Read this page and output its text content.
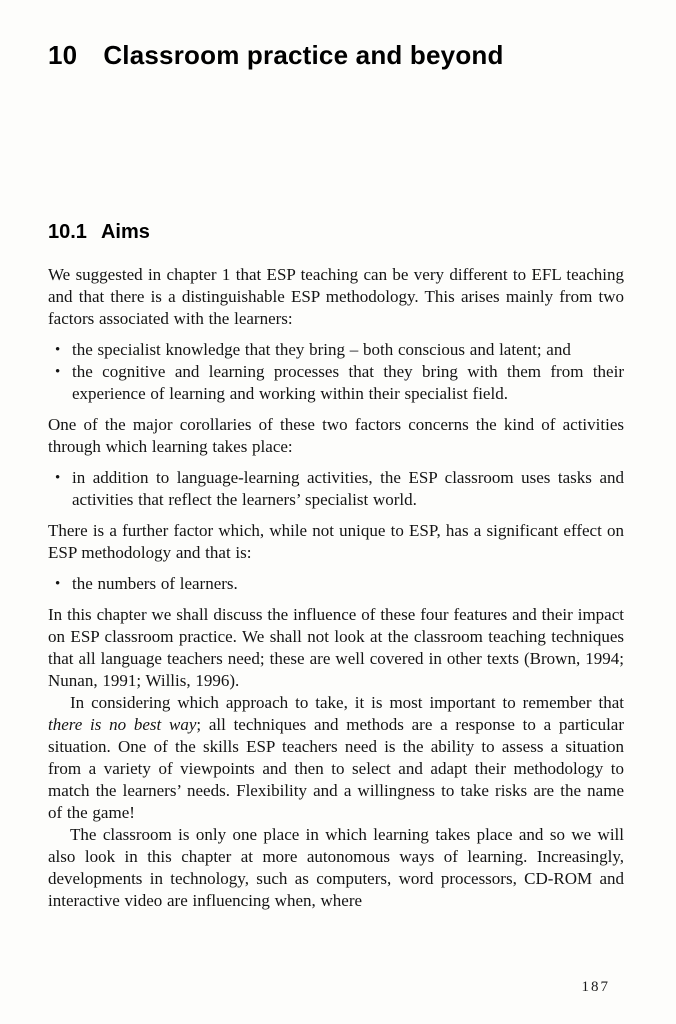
10 Classroom practice and beyond
10.1 Aims

We suggested in chapter 1 that ESP teaching can be very different to EFL teaching and that there is a distinguishable ESP methodology. This arises mainly from two factors associated with the learners:

• the specialist knowledge that they bring – both conscious and latent; and
• the cognitive and learning processes that they bring with them from their experience of learning and working within their specialist field.

One of the major corollaries of these two factors concerns the kind of activities through which learning takes place:

• in addition to language-learning activities, the ESP classroom uses tasks and activities that reflect the learners’ specialist world.

There is a further factor which, while not unique to ESP, has a significant effect on ESP methodology and that is:

• the numbers of learners.

In this chapter we shall discuss the influence of these four features and their impact on ESP classroom practice. We shall not look at the classroom teaching techniques that all language teachers need; these are well covered in other texts (Brown, 1994; Nunan, 1991; Willis, 1996).

In considering which approach to take, it is most important to remember that there is no best way; all techniques and methods are a response to a particular situation. One of the skills ESP teachers need is the ability to assess a situation from a variety of viewpoints and then to select and adapt their methodology to match the learners’ needs. Flexibility and a willingness to take risks are the name of the game!

The classroom is only one place in which learning takes place and so we will also look in this chapter at more autonomous ways of learning. Increasingly, developments in technology, such as computers, word processors, CD-ROM and interactive video are influencing when, where

187
